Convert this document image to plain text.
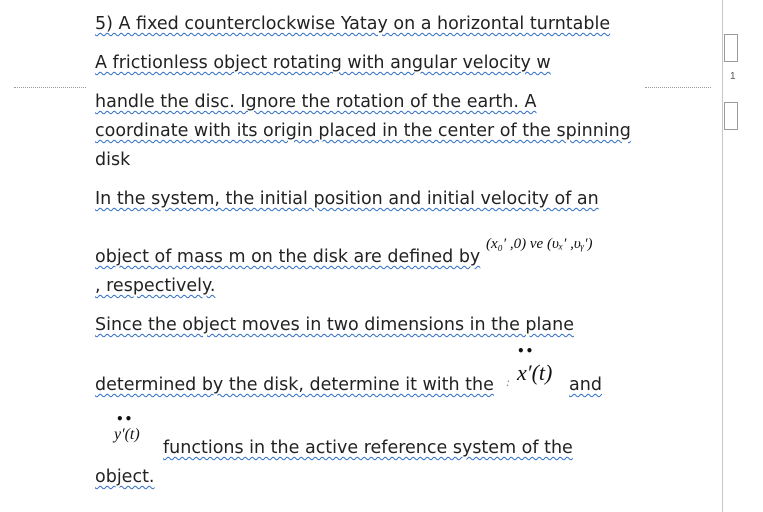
5) A fixed counterclockwise Yatay on a horizontal turntable
A frictionless object rotating with angular velocity w
handle the disc. Ignore the rotation of the earth. A
coordinate with its origin placed in the center of the spinning
disk
In the system, the initial position and initial velocity of an
object of mass m on the disk are defined by
(x₀′ ,0) ve (υₓ′ ,υᵧ′)
, respectively.
Since the object moves in two dimensions in the plane
determined by the disk, determine it with the :
••
x′(t) and
••
y′(t)
functions in the active reference system of the
object.
1
